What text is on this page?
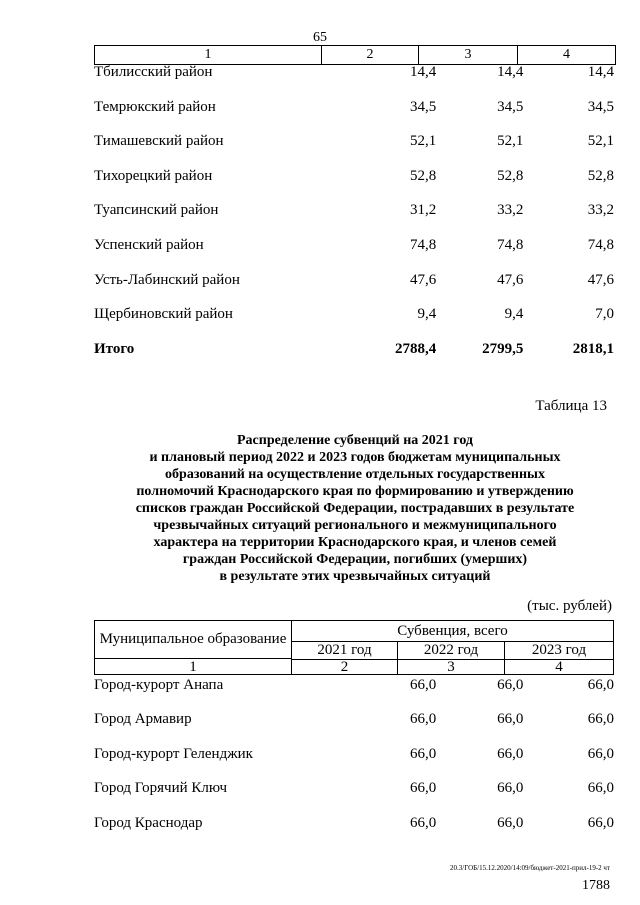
65
1	2	3	4
Тбилисский район	14,4	14,4	14,4
Темрюкский район	34,5	34,5	34,5
Тимашевский район	52,1	52,1	52,1
Тихорецкий район	52,8	52,8	52,8
Туапсинский район	31,2	33,2	33,2
Успенский район	74,8	74,8	74,8
Усть-Лабинский район	47,6	47,6	47,6
Щербиновский район	9,4	9,4	7,0
Итого	2788,4	2799,5	2818,1
Таблица 13
Распределение субвенций на 2021 год
и плановый период 2022 и 2023 годов бюджетам муниципальных
образований на осуществление отдельных государственных
полномочий Краснодарского края по формированию и утверждению
списков граждан Российской Федерации, пострадавших в результате
чрезвычайных ситуаций регионального и межмуниципального
характера на территории Краснодарского края, и членов семей
граждан Российской Федерации, погибших (умерших)
в результате этих чрезвычайных ситуаций
(тыс. рублей)
Муниципальное образование	Субвенция, всего
2021 год	2022 год	2023 год
1	2	3	4
Город-курорт Анапа	66,0	66,0	66,0
Город Армавир	66,0	66,0	66,0
Город-курорт Геленджик	66,0	66,0	66,0
Город Горячий Ключ	66,0	66,0	66,0
Город Краснодар	66,0	66,0	66,0
20.3/ГОБ/15.12.2020/14:09/бюджет-2021-прил-19-2 чт
1788
